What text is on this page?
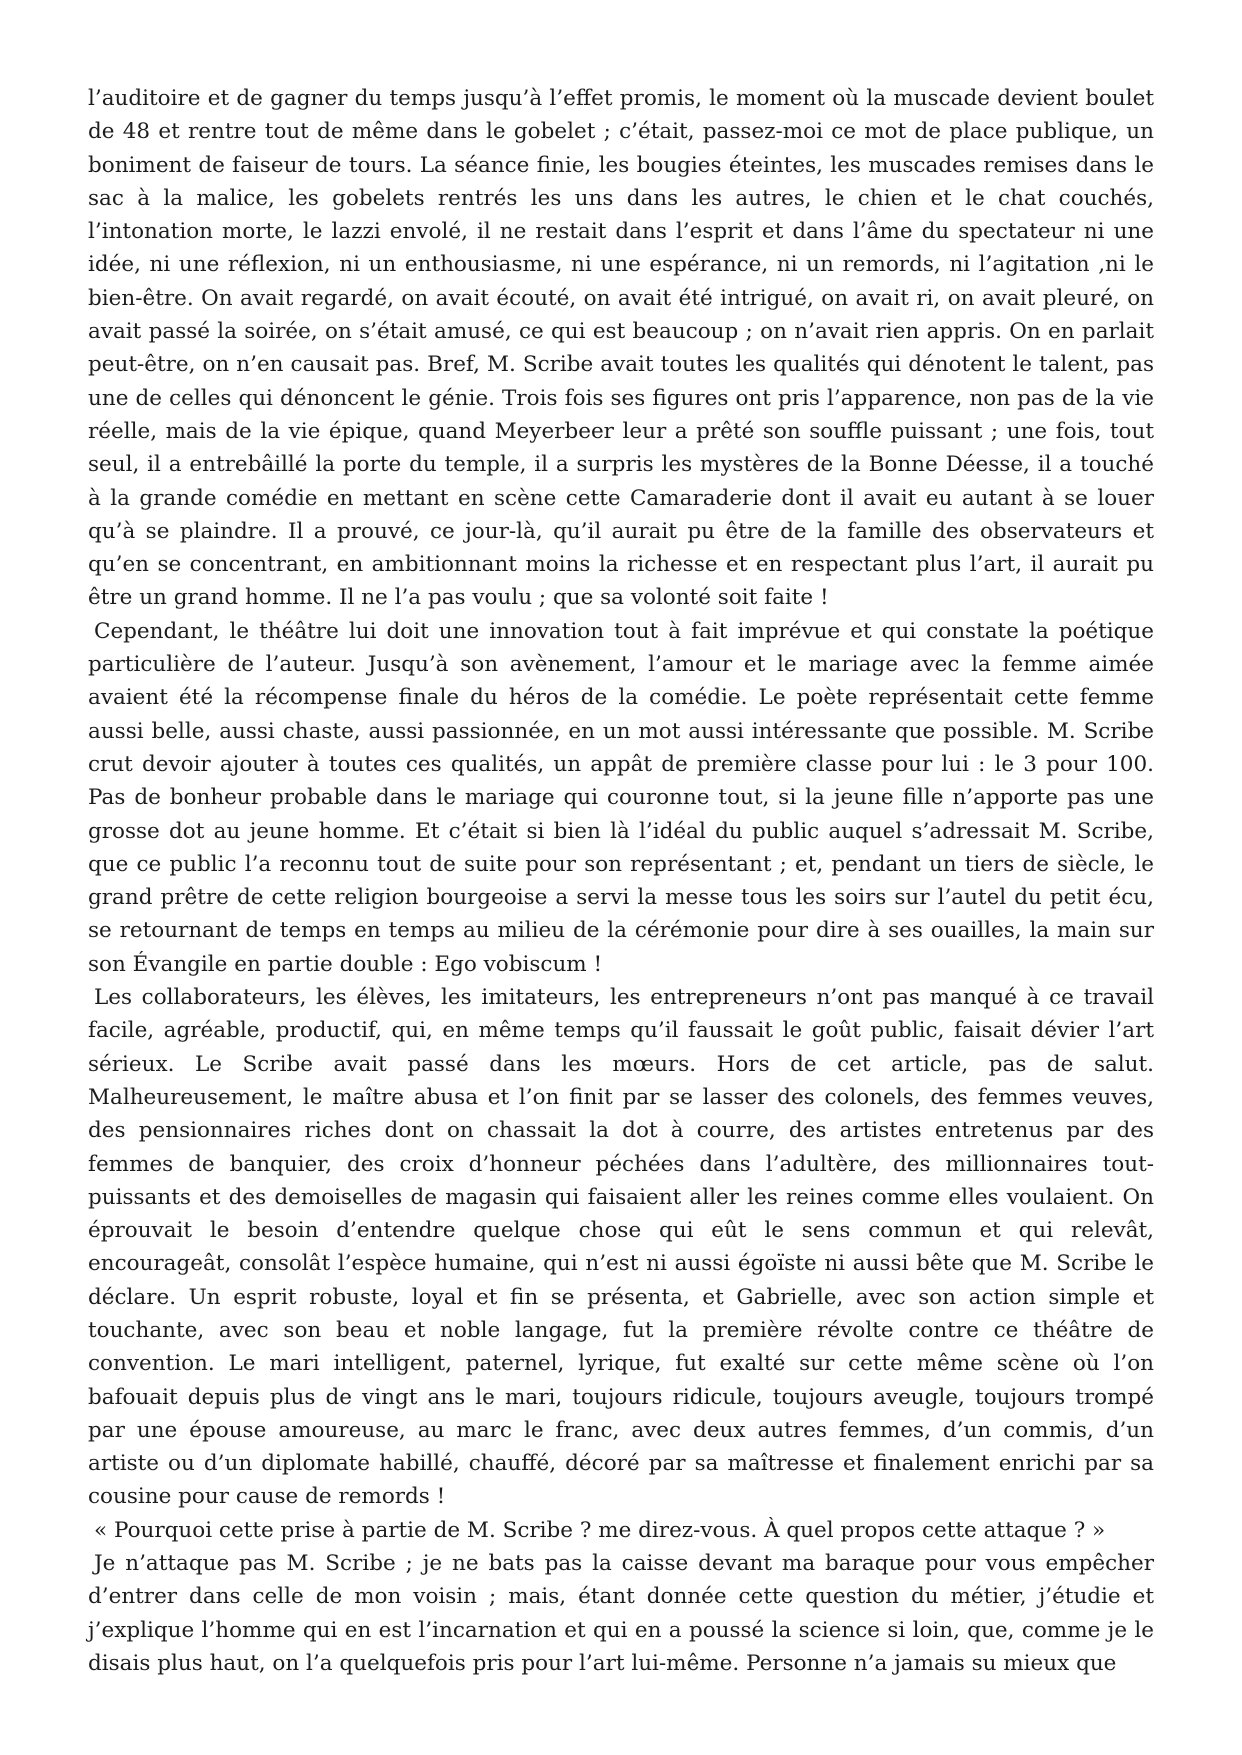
l’auditoire et de gagner du temps jusqu’à l’effet promis, le moment où la muscade devient boulet de 48 et rentre tout de même dans le gobelet ; c’était, passez-moi ce mot de place publique, un boniment de faiseur de tours. La séance finie, les bougies éteintes, les muscades remises dans le sac à la malice, les gobelets rentrés les uns dans les autres, le chien et le chat couchés, l’intonation morte, le lazzi envolé, il ne restait dans l’esprit et dans l’âme du spectateur ni une idée, ni une réflexion, ni un enthousiasme, ni une espérance, ni un remords, ni l’agitation ,ni le bien-être. On avait regardé, on avait écouté, on avait été intrigué, on avait ri, on avait pleuré, on avait passé la soirée, on s’était amusé, ce qui est beaucoup ; on n’avait rien appris. On en parlait peut-être, on n’en causait pas. Bref, M. Scribe avait toutes les qualités qui dénotent le talent, pas une de celles qui dénoncent le génie. Trois fois ses figures ont pris l’apparence, non pas de la vie réelle, mais de la vie épique, quand Meyerbeer leur a prêté son souffle puissant ; une fois, tout seul, il a entrebâillé la porte du temple, il a surpris les mystères de la Bonne Déesse, il a touché à la grande comédie en mettant en scène cette Camaraderie dont il avait eu autant à se louer qu’à se plaindre. Il a prouvé, ce jour-là, qu’il aurait pu être de la famille des observateurs et qu’en se concentrant, en ambitionnant moins la richesse et en respectant plus l’art, il aurait pu être un grand homme. Il ne l’a pas voulu ; que sa volonté soit faite !

Cependant, le théâtre lui doit une innovation tout à fait imprévue et qui constate la poétique particulière de l’auteur. Jusqu’à son avènement, l’amour et le mariage avec la femme aimée avaient été la récompense finale du héros de la comédie. Le poète représentait cette femme aussi belle, aussi chaste, aussi passionnée, en un mot aussi intéressante que possible. M. Scribe crut devoir ajouter à toutes ces qualités, un appât de première classe pour lui : le 3 pour 100. Pas de bonheur probable dans le mariage qui couronne tout, si la jeune fille n’apporte pas une grosse dot au jeune homme. Et c’était si bien là l’idéal du public auquel s’adressait M. Scribe, que ce public l’a reconnu tout de suite pour son représentant ; et, pendant un tiers de siècle, le grand prêtre de cette religion bourgeoise a servi la messe tous les soirs sur l’autel du petit écu, se retournant de temps en temps au milieu de la cérémonie pour dire à ses ouailles, la main sur son Évangile en partie double : Ego vobiscum !

Les collaborateurs, les élèves, les imitateurs, les entrepreneurs n’ont pas manqué à ce travail facile, agréable, productif, qui, en même temps qu’il faussait le goût public, faisait dévier l’art sérieux. Le Scribe avait passé dans les mœurs. Hors de cet article, pas de salut. Malheureusement, le maître abusa et l’on finit par se lasser des colonels, des femmes veuves, des pensionnaires riches dont on chassait la dot à courre, des artistes entretenus par des femmes de banquier, des croix d’honneur péchées dans l’adultère, des millionnaires tout-puissants et des demoiselles de magasin qui faisaient aller les reines comme elles voulaient. On éprouvait le besoin d’entendre quelque chose qui eût le sens commun et qui relevât, encourageât, consolât l’espèce humaine, qui n’est ni aussi égoïste ni aussi bête que M. Scribe le déclare. Un esprit robuste, loyal et fin se présenta, et Gabrielle, avec son action simple et touchante, avec son beau et noble langage, fut la première révolte contre ce théâtre de convention. Le mari intelligent, paternel, lyrique, fut exalté sur cette même scène où l’on bafouait depuis plus de vingt ans le mari, toujours ridicule, toujours aveugle, toujours trompé par une épouse amoureuse, au marc le franc, avec deux autres femmes, d’un commis, d’un artiste ou d’un diplomate habillé, chauffé, décoré par sa maîtresse et finalement enrichi par sa cousine pour cause de remords !

« Pourquoi cette prise à partie de M. Scribe ? me direz-vous. À quel propos cette attaque ? »

Je n’attaque pas M. Scribe ; je ne bats pas la caisse devant ma baraque pour vous empêcher d’entrer dans celle de mon voisin ; mais, étant donnée cette question du métier, j’étudie et j’explique l’homme qui en est l’incarnation et qui en a poussé la science si loin, que, comme je le disais plus haut, on l’a quelquefois pris pour l’art lui-même. Personne n’a jamais su mieux que
